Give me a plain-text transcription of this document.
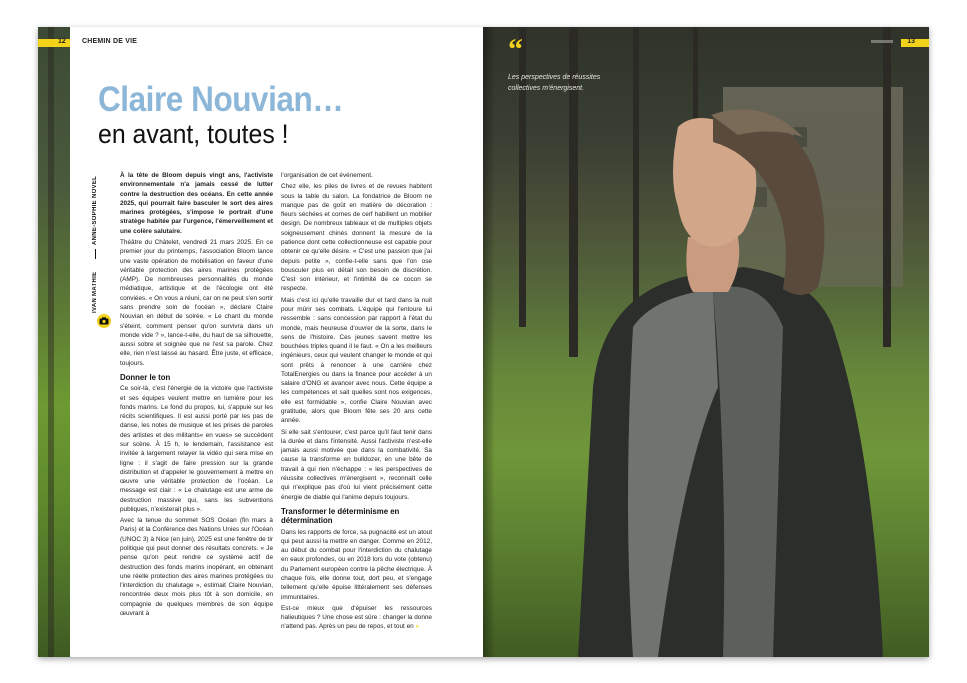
12 CHEMIN DE VIE
Claire Nouvian…
en avant, toutes !
ANNE-SOPHIE NOVEL
IVAN MATHIE

À la tête de Bloom depuis vingt ans, l'activiste environnementale n'a jamais cessé de lutter contre la destruction des océans. En cette année 2025, qui pourrait faire basculer le sort des aires marines protégées, s'impose le portrait d'une stratège habitée par l'urgence, l'émerveillement et une colère salutaire.

Théâtre du Châtelet, vendredi 21 mars 2025. En ce premier jour du printemps, l'association Bloom lance une vaste opération de mobilisation en faveur d'une véritable protection des aires marines protégées (AMP). De nombreuses personnalités du monde médiatique, artistique et de l'écologie ont été conviées. « On vous a réuni, car on ne peut s'en sortir sans prendre soin de l'océan », déclare Claire Nouvian en début de soirée. « Le chant du monde s'éteint, comment penser qu'on survivra dans un monde vide ? », lance-t-elle, du haut de sa silhouette, aussi sobre et soignée que ne l'est sa parole. Chez elle, rien n'est laissé au hasard. Être juste, et efficace, toujours.

Donner le ton

Ce soir-là, c'est l'énergie de la victoire que l'activiste et ses équipes veulent mettre en lumière pour les fonds marins. Le fond du propos, lui, s'appuie sur les récits scientifiques. Il est aussi porté par les pas de danse, les notes de musique et les prises de paroles des artistes et des militants« en vues» se succèdent sur scène. À 15 h, le lendemain, l'assistance est invitée à largement relayer la vidéo qui sera mise en ligne : il s'agit de faire pression sur la grande distribution et d'appeler le gouvernement à mettre en œuvre une véritable protection de l'océan. Le message est clair : « Le chalutage est une arme de destruction massive qui, sans les subventions publiques, n'existerait plus ».

Avec la tenue du sommet SOS Océan (fin mars à Paris) et la Conférence des Nations Unies sur l'Océan (UNOC 3) à Nice (en juin), 2025 est une fenêtre de tir politique qui peut donner des résultats concrets. « Je pense qu'on peut rendre ce système actif de destruction des fonds marins inopérant, en obtenant une réelle protection des aires marines protégées ou l'interdiction du chalutage », estimait Claire Nouvian, rencontrée deux mois plus tôt à son domicile, en compagnie de quelques membres de son équipe œuvrant à

l'organisation de cet événement.

Chez elle, les piles de livres et de revues habitent sous la table du salon. La fondatrice de Bloom ne manque pas de goût en matière de décoration : fleurs séchées et cornes de cerf habillent un mobilier design. De nombreux tableaux et de multiples objets soigneusement chinés donnent la mesure de la patience dont cette collectionneuse est capable pour obtenir ce qu'elle désire. « C'est une passion que j'ai depuis petite », confie-t-elle sans que l'on ose bousculer plus en détail son besoin de discrétion. C'est son intérieur, et l'intimité de ce cocon se respecte.

Mais c'est ici qu'elle travaille dur et tard dans la nuit pour mûrir ses combats. L'équipe qui l'entoure lui ressemble : sans concession par rapport à l'état du monde, mais heureuse d'ouvrer de la sorte, dans le sens de l'histoire. Ces jeunes savent mettre les bouchées triples quand il le faut. « On a les meilleurs ingénieurs, ceux qui veulent changer le monde et qui sont prêts à renoncer à une carrière chez TotalEnergies ou dans la finance pour accéder à un salaire d'ONG et avancer avec nous. Cette équipe a les compétences et sait quelles sont nos exigences, elle est formidable », confie Claire Nouvian avec gratitude, alors que Bloom fête ses 20 ans cette année.

Si elle sait s'entourer, c'est parce qu'il faut tenir dans la durée et dans l'intensité. Aussi l'activiste n'est-elle jamais aussi motivée que dans la combativité. Sa cause la transforme en bulldozer, en une bête de travail à qui rien n'échappe : « les perspectives de réussite collectives m'énergisent », reconnaît celle qui n'explique pas d'où lui vient précisément cette énergie de diable qui l'anime depuis toujours.

Transformer le déterminisme en détermination

Dans les rapports de force, sa pugnacité est un atout qui peut aussi la mettre en danger. Comme en 2012, au début du combat pour l'interdiction du chalutage en eaux profondes, ou en 2018 lors du vote (obtenu) du Parlement européen contre la pêche électrique. À chaque fois, elle donne tout, dort peu, et s'engage tellement qu'elle épuise littéralement ses défenses immunitaires.

Est-ce mieux que d'épuiser les ressources halieutiques ? Une chose est sûre : changer la donne n'attend pas. Après un peu de repos, et tout en »

“
Les perspectives de réussites collectives m'énergisent.
13
